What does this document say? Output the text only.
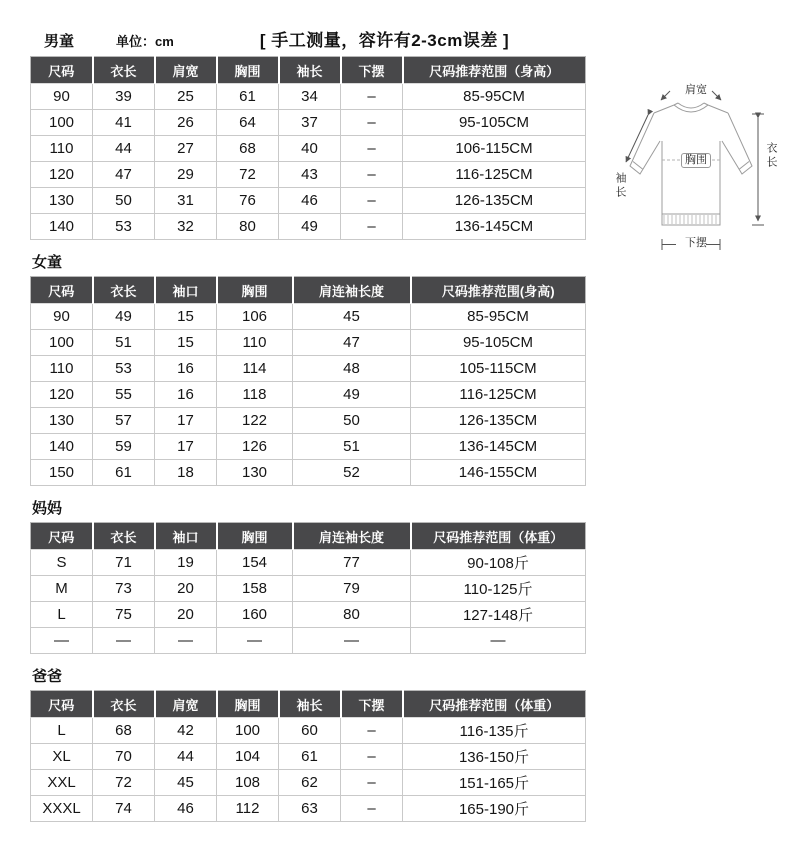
男童	单位：cm	[ 手工测量，容许有2-3cm误差 ]
尺码	衣长	肩宽	胸围	袖长	下摆	尺码推荐范围（身高）
90	39	25	61	34	–	85-95CM
100	41	26	64	37	–	95-105CM
110	44	27	68	40	–	106-115CM
120	47	29	72	43	–	116-125CM
130	50	31	76	46	–	126-135CM
140	53	32	80	49	–	136-145CM
女童
尺码	衣长	袖口	胸围	肩连袖长度	尺码推荐范围(身高)
90	49	15	106	45	85-95CM
100	51	15	110	47	95-105CM
110	53	16	114	48	105-115CM
120	55	16	118	49	116-125CM
130	57	17	122	50	126-135CM
140	59	17	126	51	136-145CM
150	61	18	130	52	146-155CM
妈妈
尺码	衣长	袖口	胸围	肩连袖长度	尺码推荐范围（体重）
S	71	19	154	77	90-108斤
M	73	20	158	79	110-125斤
L	75	20	160	80	127-148斤
—	—	—	—	—	—
爸爸
尺码	衣长	肩宽	胸围	袖长	下摆	尺码推荐范围（体重）
L	68	42	100	60	–	116-135斤
XL	70	44	104	61	–	136-150斤
XXL	72	45	108	62	–	151-165斤
XXXL	74	46	112	63	–	165-190斤
肩宽
胸围	衣长
袖长
下摆
